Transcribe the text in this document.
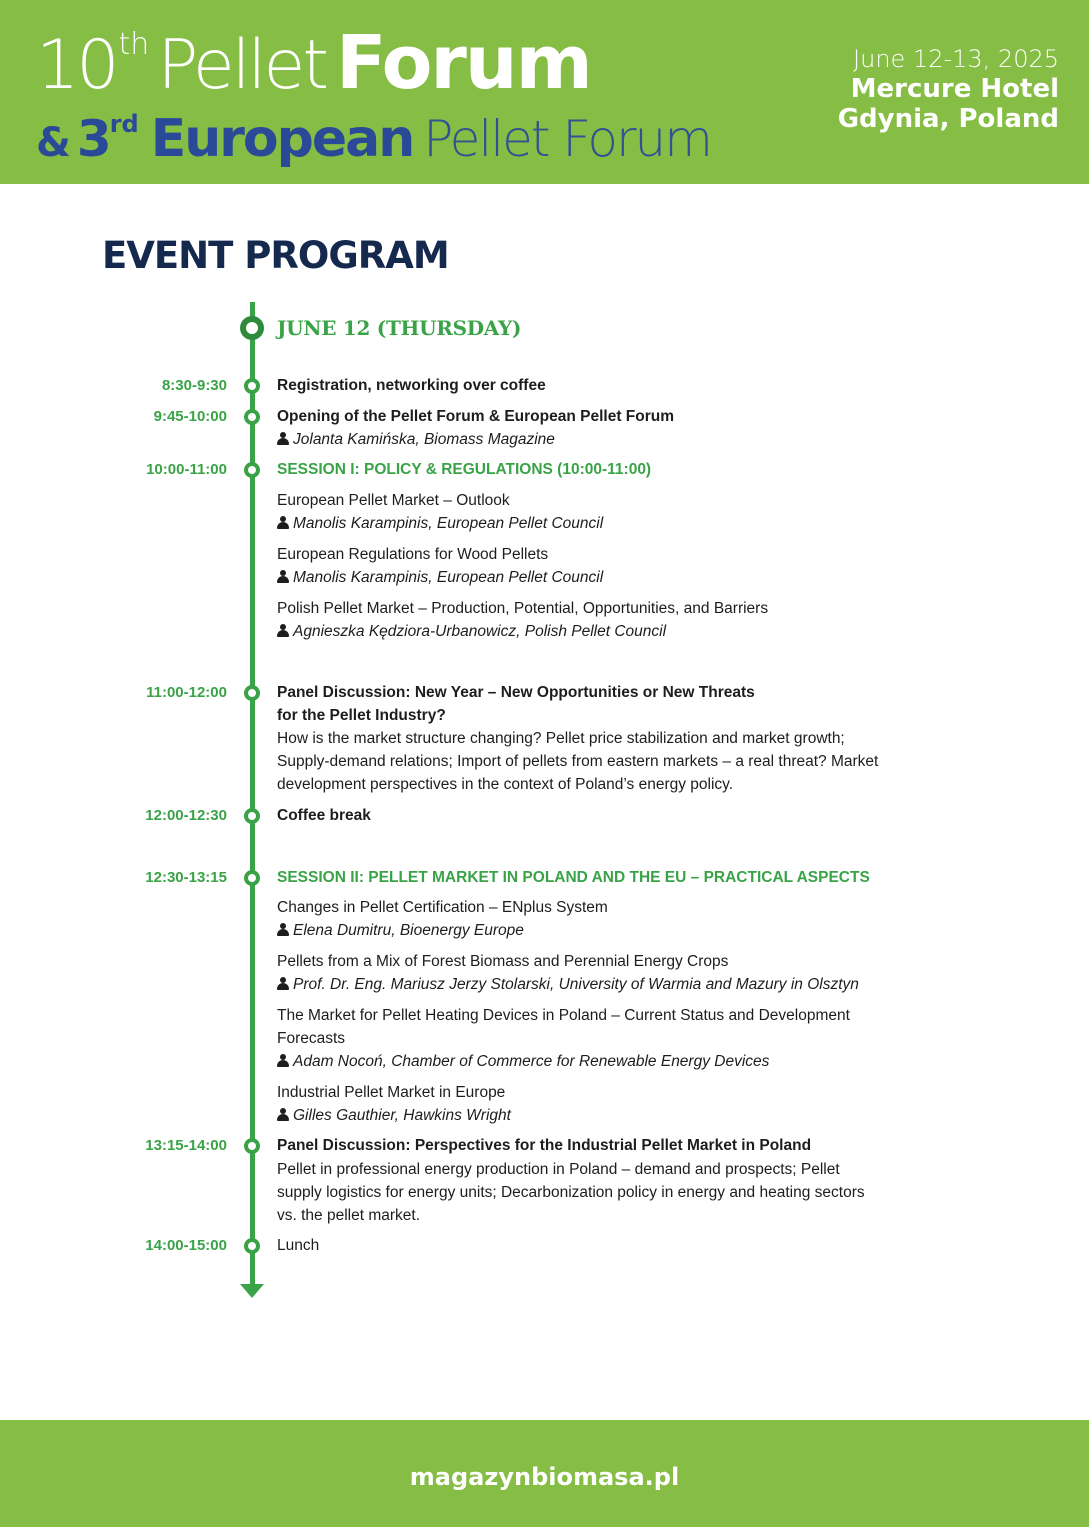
10th Pellet Forum
& 3rd European Pellet Forum
June 12-13, 2025
Mercure Hotel
Gdynia, Poland
EVENT PROGRAM
JUNE 12 (THURSDAY)
8:30-9:30	Registration, networking over coffee
9:45-10:00	Opening of the Pellet Forum & European Pellet Forum
Jolanta Kamińska, Biomass Magazine
10:00-11:00	SESSION I: POLICY & REGULATIONS (10:00-11:00)
European Pellet Market – Outlook
Manolis Karampinis, European Pellet Council
European Regulations for Wood Pellets
Manolis Karampinis, European Pellet Council
Polish Pellet Market – Production, Potential, Opportunities, and Barriers
Agnieszka Kędziora-Urbanowicz, Polish Pellet Council
11:00-12:00	Panel Discussion: New Year – New Opportunities or New Threats
for the Pellet Industry?
How is the market structure changing? Pellet price stabilization and market growth;
Supply-demand relations; Import of pellets from eastern markets – a real threat? Market
development perspectives in the context of Poland’s energy policy.
12:00-12:30	Coffee break
12:30-13:15	SESSION II: PELLET MARKET IN POLAND AND THE EU – PRACTICAL ASPECTS
Changes in Pellet Certification – ENplus System
Elena Dumitru, Bioenergy Europe
Pellets from a Mix of Forest Biomass and Perennial Energy Crops
Prof. Dr. Eng. Mariusz Jerzy Stolarski, University of Warmia and Mazury in Olsztyn
The Market for Pellet Heating Devices in Poland – Current Status and Development
Forecasts
Adam Nocoń, Chamber of Commerce for Renewable Energy Devices
Industrial Pellet Market in Europe
Gilles Gauthier, Hawkins Wright
13:15-14:00	Panel Discussion: Perspectives for the Industrial Pellet Market in Poland
Pellet in professional energy production in Poland – demand and prospects; Pellet
supply logistics for energy units; Decarbonization policy in energy and heating sectors
vs. the pellet market.
14:00-15:00	Lunch
magazynbiomasa.pl
